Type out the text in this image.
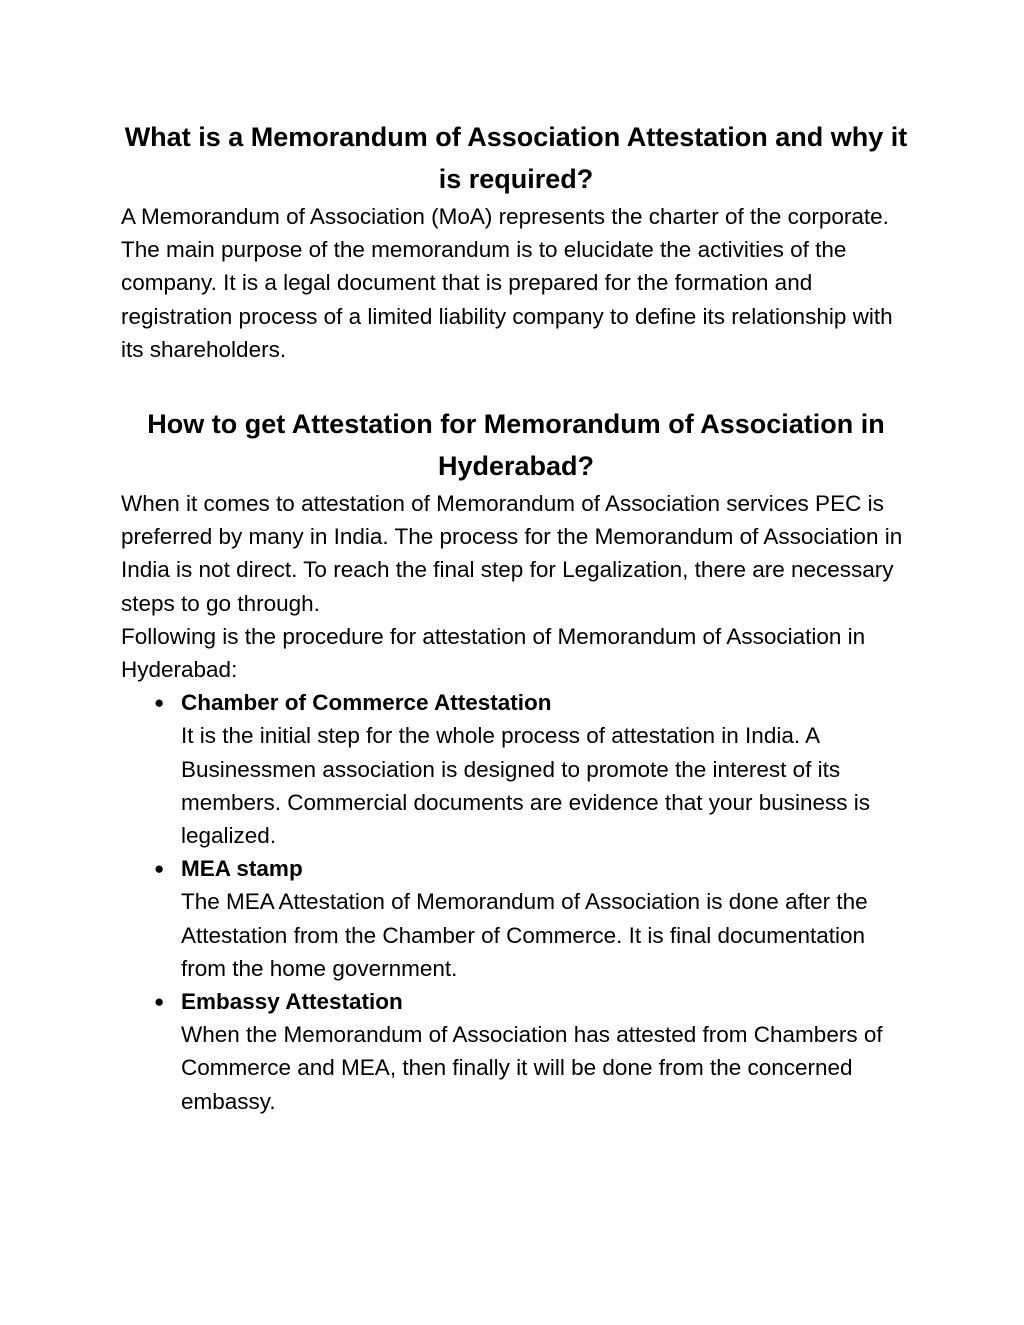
What is a Memorandum of Association Attestation and why it is required?

A Memorandum of Association (MoA) represents the charter of the corporate. The main purpose of the memorandum is to elucidate the activities of the company. It is a legal document that is prepared for the formation and registration process of a limited liability company to define its relationship with its shareholders.

How to get Attestation for Memorandum of Association in Hyderabad?

When it comes to attestation of Memorandum of Association services PEC is preferred by many in India. The process for the Memorandum of Association in India is not direct. To reach the final step for Legalization, there are necessary steps to go through.

Following is the procedure for attestation of Memorandum of Association in Hyderabad:

● Chamber of Commerce Attestation
It is the initial step for the whole process of attestation in India. A Businessmen association is designed to promote the interest of its members. Commercial documents are evidence that your business is legalized.
● MEA stamp
The MEA Attestation of Memorandum of Association is done after the Attestation from the Chamber of Commerce. It is final documentation from the home government.
● Embassy Attestation
When the Memorandum of Association has attested from Chambers of Commerce and MEA, then finally it will be done from the concerned embassy.
